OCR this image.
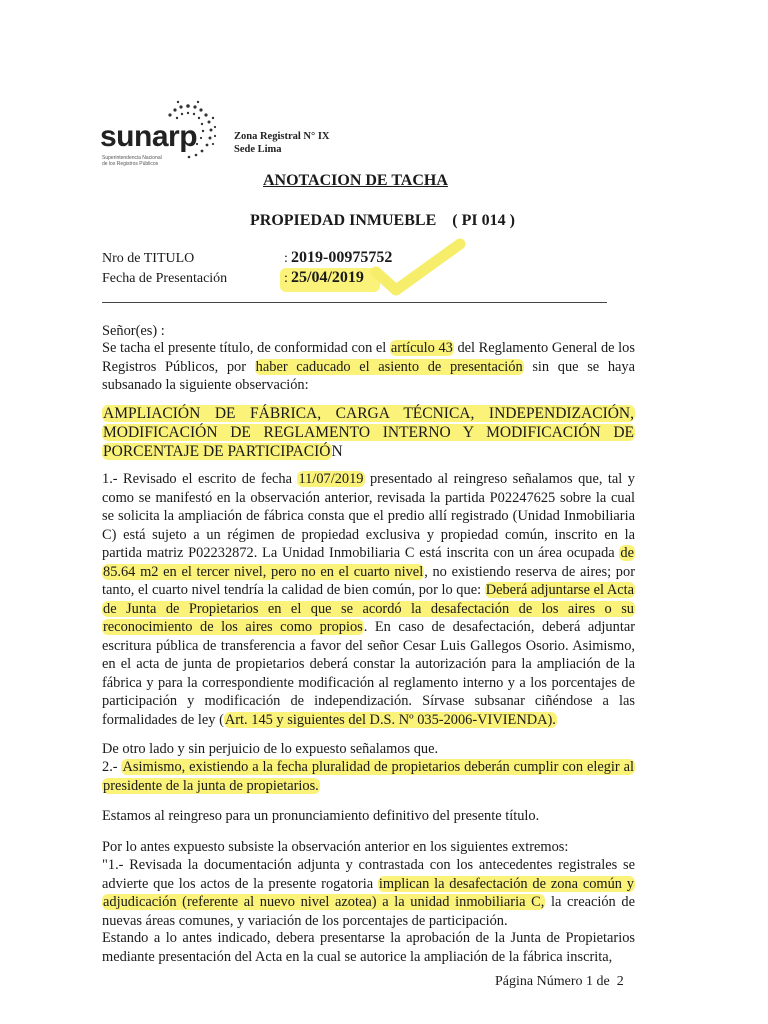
sunarp
Superintendencia Nacional
de los Registros Públicos
Zona Registral N° IX
Sede Lima
ANOTACION DE TACHA
PROPIEDAD INMUEBLE    ( PI 014 )
Nro de TITULO	: 2019-00975752
Fecha de Presentación	: 25/04/2019
Señor(es) :
Se tacha el presente título, de conformidad con el artículo 43 del Reglamento General de los Registros Públicos, por haber caducado el asiento de presentación sin que se haya subsanado la siguiente observación:
AMPLIACIÓN DE FÁBRICA, CARGA TÉCNICA, INDEPENDIZACIÓN, MODIFICACIÓN DE REGLAMENTO INTERNO Y MODIFICACIÓN DE PORCENTAJE DE PARTICIPACIÓN
1.- Revisado el escrito de fecha 11/07/2019 presentado al reingreso señalamos que, tal y como se manifestó en la observación anterior, revisada la partida P02247625 sobre la cual se solicita la ampliación de fábrica consta que el predio allí registrado (Unidad Inmobiliaria C) está sujeto a un régimen de propiedad exclusiva y propiedad común, inscrito en la partida matriz P02232872. La Unidad Inmobiliaria C está inscrita con un área ocupada de 85.64 m2 en el tercer nivel, pero no en el cuarto nivel, no existiendo reserva de aires; por tanto, el cuarto nivel tendría la calidad de bien común, por lo que: Deberá adjuntarse el Acta de Junta de Propietarios en el que se acordó la desafectación de los aires o su reconocimiento de los aires como propios. En caso de desafectación, deberá adjuntar escritura pública de transferencia a favor del señor Cesar Luis Gallegos Osorio. Asimismo, en el acta de junta de propietarios deberá constar la autorización para la ampliación de la fábrica y para la correspondiente modificación al reglamento interno y a los porcentajes de participación y modificación de independización. Sírvase subsanar ciñéndose a las formalidades de ley (Art. 145 y siguientes del D.S. Nº 035-2006-VIVIENDA).
De otro lado y sin perjuicio de lo expuesto señalamos que.
2.- Asimismo, existiendo a la fecha pluralidad de propietarios deberán cumplir con elegir al presidente de la junta de propietarios.
Estamos al reingreso para un pronunciamiento definitivo del presente título.
Por lo antes expuesto subsiste la observación anterior en los siguientes extremos:
"1.- Revisada la documentación adjunta y contrastada con los antecedentes registrales se advierte que los actos de la presente rogatoria implican la desafectación de zona común y adjudicación (referente al nuevo nivel azotea) a la unidad inmobiliaria C, la creación de nuevas áreas comunes, y variación de los porcentajes de participación.
Estando a lo antes indicado, debera presentarse la aprobación de la Junta de Propietarios mediante presentación del Acta en la cual se autorice la ampliación de la fábrica inscrita,
Página Número 1 de  2
